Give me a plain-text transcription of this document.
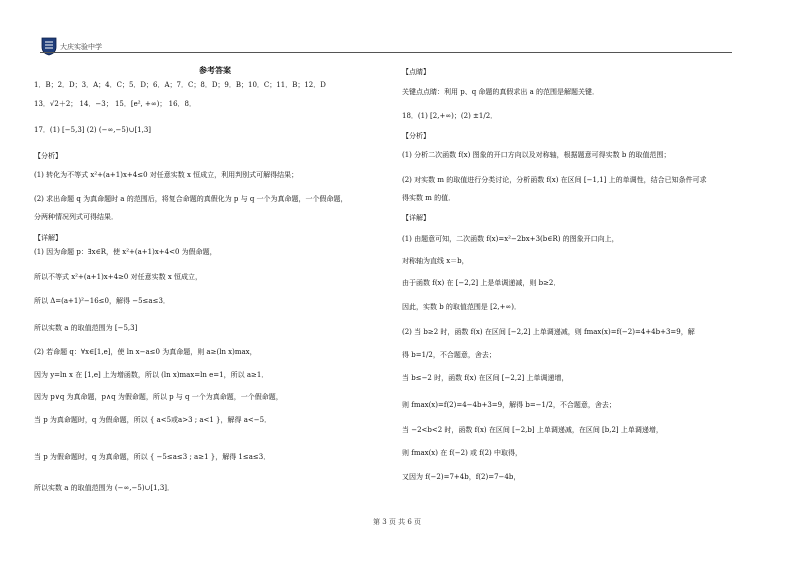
大庆实验中学
参考答案
1．B；2．D；3．A；4．C；5．D；6．A；7．C；8．D；9．B；10．C；11．B；12．D
13．√2＋2； 14．−3； 15．[e², +∞)； 16．8．
17．(1) [−5,3] (2) (−∞,−5)∪[1,3]
【分析】
(1) 转化为不等式 x²+(a+1)x+4≤0 对任意实数 x 恒成立，利用判别式可解得结果；
(2) 求出命题 q 为真命题时 a 的范围后，将复合命题的真假化为 p 与 q 一个为真命题，一个假命题，
分两种情况列式可得结果．
【详解】
(1) 因为命题 p：∃x∈R，使 x²+(a+1)x+4<0 为假命题，
所以不等式 x²+(a+1)x+4≥0 对任意实数 x 恒成立，
所以 Δ=(a+1)²−16≤0，解得 −5≤a≤3．
所以实数 a 的取值范围为 [−5,3]
(2) 若命题 q：∀x∈[1,e]，使 ln x−a≤0 为真命题，则 a≥(ln x)max，
因为 y=ln x 在 [1,e] 上为增函数，所以 (ln x)max=ln e=1，所以 a≥1．
因为 p∨q 为真命题，p∧q 为假命题，所以 p 与 q 一个为真命题，一个假命题，
当 p 为真命题时，q 为假命题，所以 { a<5或a>3 ; a<1 }，解得 a<−5．
当 p 为假命题时，q 为真命题，所以 { −5≤a≤3 ; a≥1 }，解得 1≤a≤3．
所以实数 a 的取值范围为 (−∞,−5)∪[1,3]．
【点睛】
关键点点睛：利用 p、q 命题的真假求出 a 的范围是解题关键．
18．(1) [2,+∞)；(2) ±1/2．
【分析】
(1) 分析二次函数 f(x) 图象的开口方向以及对称轴，根据题意可得实数 b 的取值范围；
(2) 对实数 m 的取值进行分类讨论，分析函数 f(x) 在区间 [−1,1] 上的单调性，结合已知条件可求
得实数 m 的值．
【详解】
(1) 由题意可知，二次函数 f(x)=x²−2bx+3(b∈R) 的图象开口向上，
对称轴为直线 x＝b，
由于函数 f(x) 在 [−2,2] 上是单调递减，则 b≥2．
因此，实数 b 的取值范围是 [2,+∞)．
(2) 当 b≥2 时，函数 f(x) 在区间 [−2,2] 上单调递减，则 fmax(x)=f(−2)=4+4b+3=9，解
得 b=1/2，不合题意，舍去；
当 b≤−2 时，函数 f(x) 在区间 [−2,2] 上单调递增，
则 fmax(x)=f(2)=4−4b+3=9，解得 b=−1/2，不合题意，舍去；
当 −2<b<2 时，函数 f(x) 在区间 [−2,b] 上单调递减，在区间 [b,2] 上单调递增，
则 fmax(x) 在 f(−2) 或 f(2) 中取得，
又因为 f(−2)=7+4b，f(2)=7−4b，
第 3 页 共 6 页
